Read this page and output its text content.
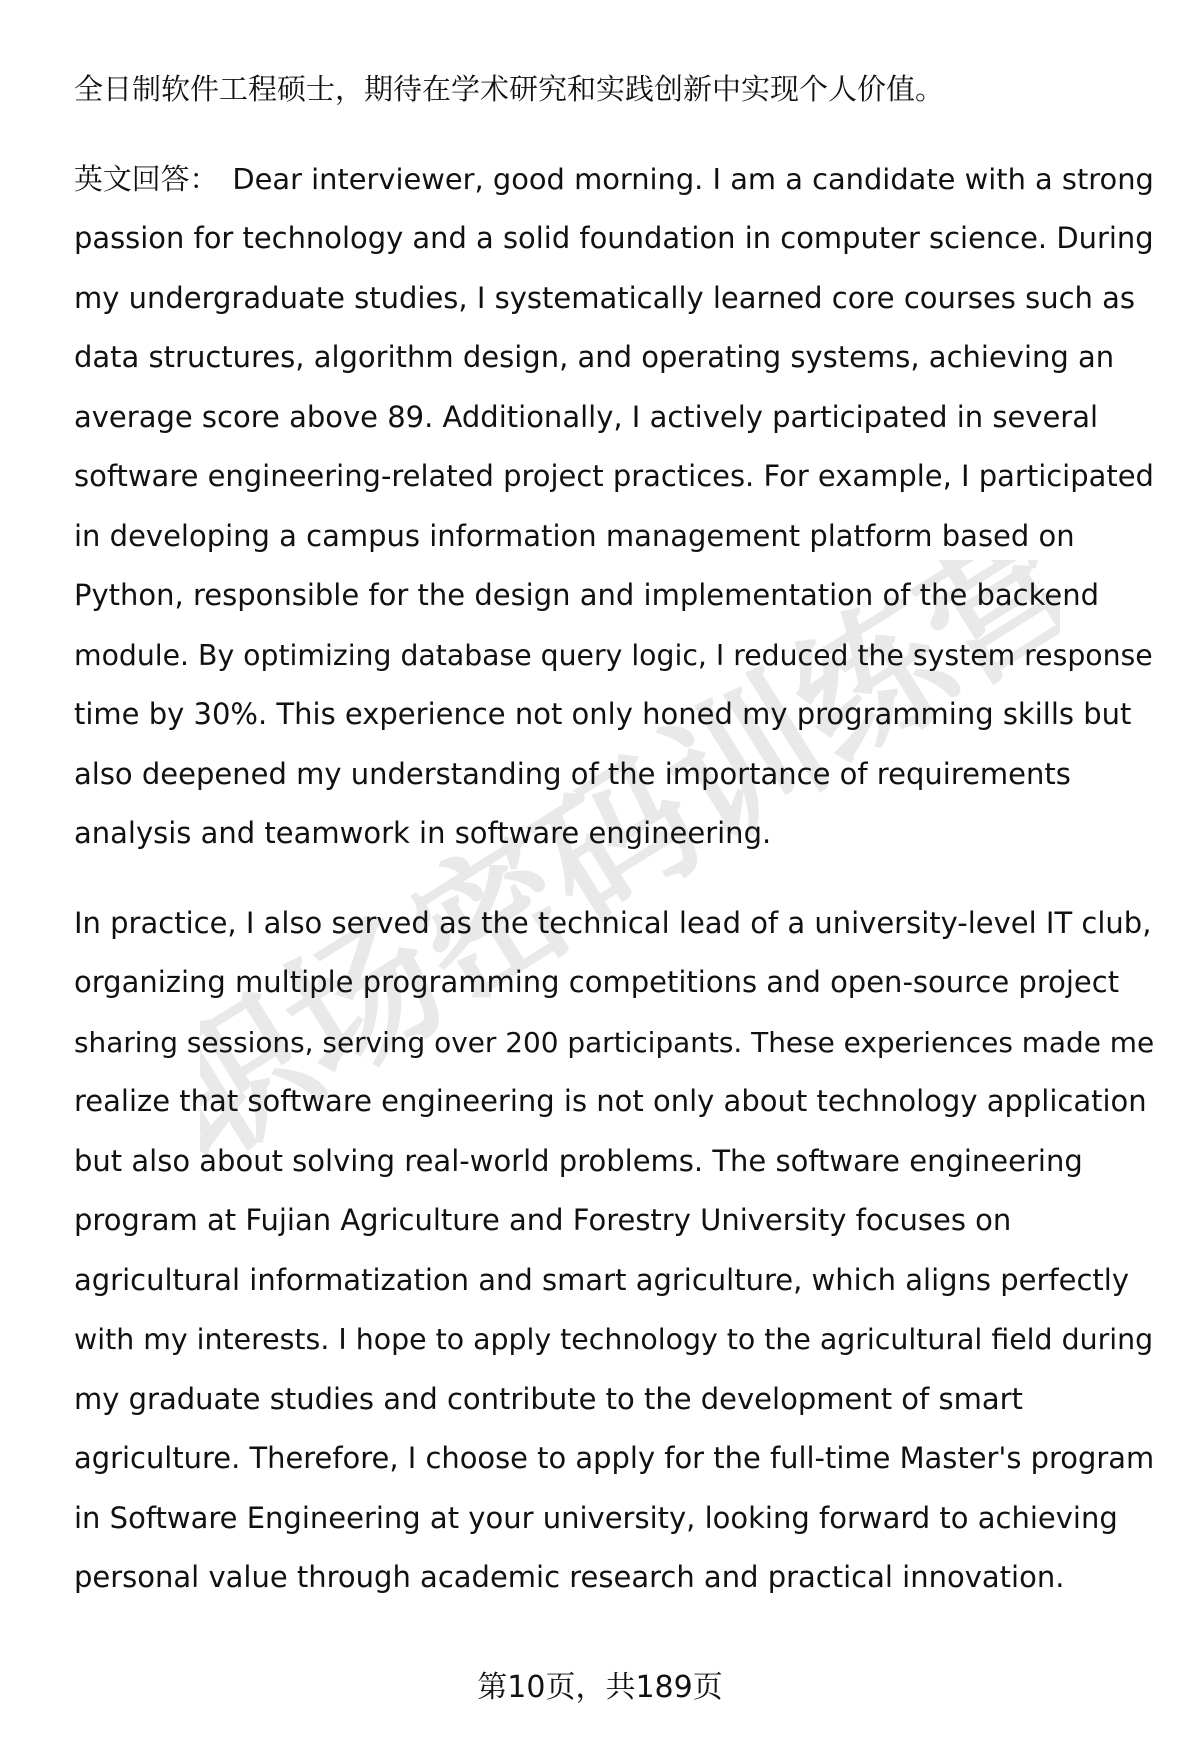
职场密码训练营
全日制软件工程硕士，期待在学术研究和实践创新中实现个人价值。

英文回答： Dear interviewer, good morning. I am a candidate with a strong
passion for technology and a solid foundation in computer science. During
my undergraduate studies, I systematically learned core courses such as
data structures, algorithm design, and operating systems, achieving an
average score above 89. Additionally, I actively participated in several
software engineering-related project practices. For example, I participated
in developing a campus information management platform based on
Python, responsible for the design and implementation of the backend
module. By optimizing database query logic, I reduced the system response
time by 30%. This experience not only honed my programming skills but
also deepened my understanding of the importance of requirements
analysis and teamwork in software engineering.

In practice, I also served as the technical lead of a university-level IT club,
organizing multiple programming competitions and open-source project
sharing sessions, serving over 200 participants. These experiences made me
realize that software engineering is not only about technology application
but also about solving real-world problems. The software engineering
program at Fujian Agriculture and Forestry University focuses on
agricultural informatization and smart agriculture, which aligns perfectly
with my interests. I hope to apply technology to the agricultural field during
my graduate studies and contribute to the development of smart
agriculture. Therefore, I choose to apply for the full-time Master's program
in Software Engineering at your university, looking forward to achieving
personal value through academic research and practical innovation.

第10页，共189页
